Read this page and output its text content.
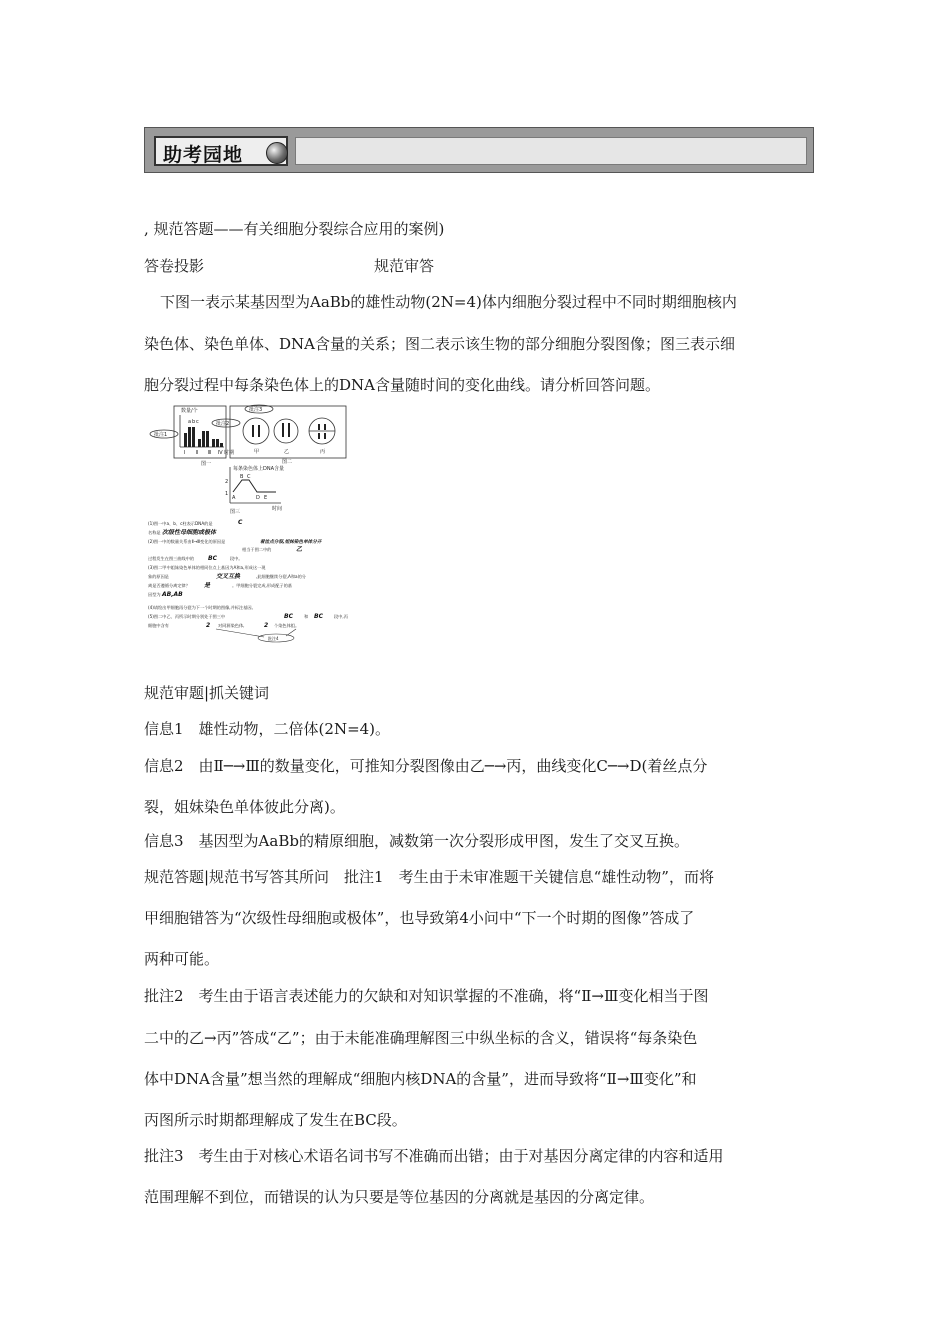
助考园地
, 规范答题——有关细胞分裂综合应用的案例)
答卷投影	规范审答
下图一表示某基因型为AaBb的雄性动物(2N=4)体内细胞分裂过程中不同时期细胞核内
染色体、染色单体、DNA含量的关系；图二表示该生物的部分细胞分裂图像；图三表示细
胞分裂过程中每条染色体上的DNA含量随时间的变化曲线。请分析回答问题。
数量/个
Ⅰ Ⅱ Ⅲ Ⅳ 时期
图一
a b c
甲	乙	丙
图二
批注1
批注2
批注3
每条染色体上DNA含量
2
1
A
B C
D E
时间
图三
(1)图一中a、b、c柱表示DNA的是
名称是
(2)图一中的数量关系由Ⅱ→Ⅲ变化的原因是
相当于图二中的
过程发生在图三曲线中的	段中。
(3)图二甲中姐妹染色单体的相同位点上基因为A和a,形成这一现
象的原因是	,此细胞继续分裂,A和a的分
离是否遵循分离定律？	。甲细胞分裂完成,形成配子的基
因型为
(4)请绘出甲细胞再分裂为下一个时期的图像,并标注基因。
(5)图二中乙、丙所示时期分别处于图三中	和	段中,丙
细胞中含有	对同源染色体,	个染色体组。
C
次级性母细胞或极体
着丝点分裂,姐妹染色单体分开
乙
BC
交叉互换
是
AB,AB
BC	BC
2	2
批注4
规范审题|抓关键词
信息1　雄性动物，二倍体(2N=4)。
信息2　由Ⅱ─→Ⅲ的数量变化，可推知分裂图像由乙─→丙，曲线变化C─→D(着丝点分
裂，姐妹染色单体彼此分离)。
信息3　基因型为AaBb的精原细胞，减数第一次分裂形成甲图，发生了交叉互换。
规范答题|规范书写答其所问　批注1　考生由于未审准题干关键信息“雄性动物”，而将
甲细胞错答为“次级性母细胞或极体”，也导致第4小问中“下一个时期的图像”答成了
两种可能。
批注2　考生由于语言表述能力的欠缺和对知识掌握的不准确，将“Ⅱ→Ⅲ变化相当于图
二中的乙→丙”答成“乙”；由于未能准确理解图三中纵坐标的含义，错误将“每条染色
体中DNA含量”想当然的理解成“细胞内核DNA的含量”，进而导致将“Ⅱ→Ⅲ变化”和
丙图所示时期都理解成了发生在BC段。
批注3　考生由于对核心术语名词书写不准确而出错；由于对基因分离定律的内容和适用
范围理解不到位，而错误的认为只要是等位基因的分离就是基因的分离定律。
